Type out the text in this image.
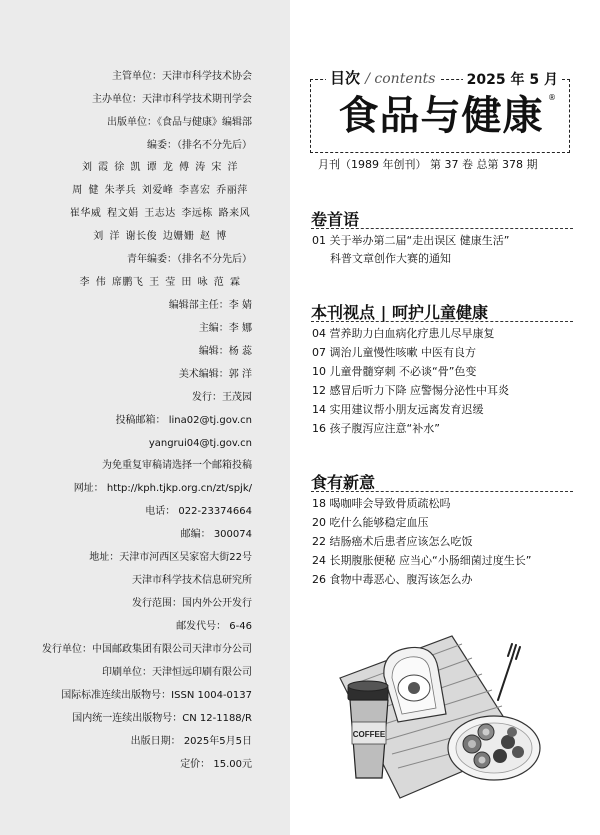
主管单位：天津市科学技术协会
主办单位：天津市科学技术期刊学会
出版单位：《食品与健康》编辑部
编委：（排名不分先后）
刘 霞 徐 凯 谭 龙 傅 涛 宋 洋
周 健 朱孝兵 刘爱峰 李喜宏 乔丽萍
崔华威 程文娟 王志达 李远栋 路来风
刘 洋 谢长俊 边姗姗 赵 博
青年编委：（排名不分先后）
李 伟 席鹏飞 王 莹 田 咏 范 霖
编辑部主任：李 婧
主编：李 娜
编辑：杨 蕊
美术编辑：郭 洋
发行：王茂园
投稿邮箱： lina02@tj.gov.cn
yangrui04@tj.gov.cn
为免重复审稿请选择一个邮箱投稿
网址： http://kph.tjkp.org.cn/zt/spjk/
电话： 022-23374664
邮编： 300074
地址：天津市河西区吴家窑大街22号
天津市科学技术信息研究所
发行范围：国内外公开发行
邮发代号： 6-46
发行单位：中国邮政集团有限公司天津市分公司
印刷单位：天津恒远印刷有限公司
国际标准连续出版物号：ISSN 1004-0137
国内统一连续出版物号：CN 12-1188/R
出版日期： 2025年5月5日
定价： 15.00元
目次 / contents 2025 年 5 月
食品与健康 ®
月刊（1989 年创刊） 第 37 卷 总第 378 期
卷首语
01 关于举办第二届“走出误区 健康生活”
科普文章创作大赛的通知
本刊视点 | 呵护儿童健康
04 营养助力白血病化疗患儿尽早康复
07 调治儿童慢性咳嗽 中医有良方
10 儿童骨髓穿刺 不必谈“骨”色变
12 感冒后听力下降 应警惕分泌性中耳炎
14 实用建议帮小朋友远离发育迟缓
16 孩子腹泻应注意“补水”
食有新意
18 喝咖啡会导致骨质疏松吗
20 吃什么能够稳定血压
22 结肠癌术后患者应该怎么吃饭
24 长期腹胀便秘 应当心“小肠细菌过度生长”
26 食物中毒恶心、腹泻该怎么办
COFFEE
